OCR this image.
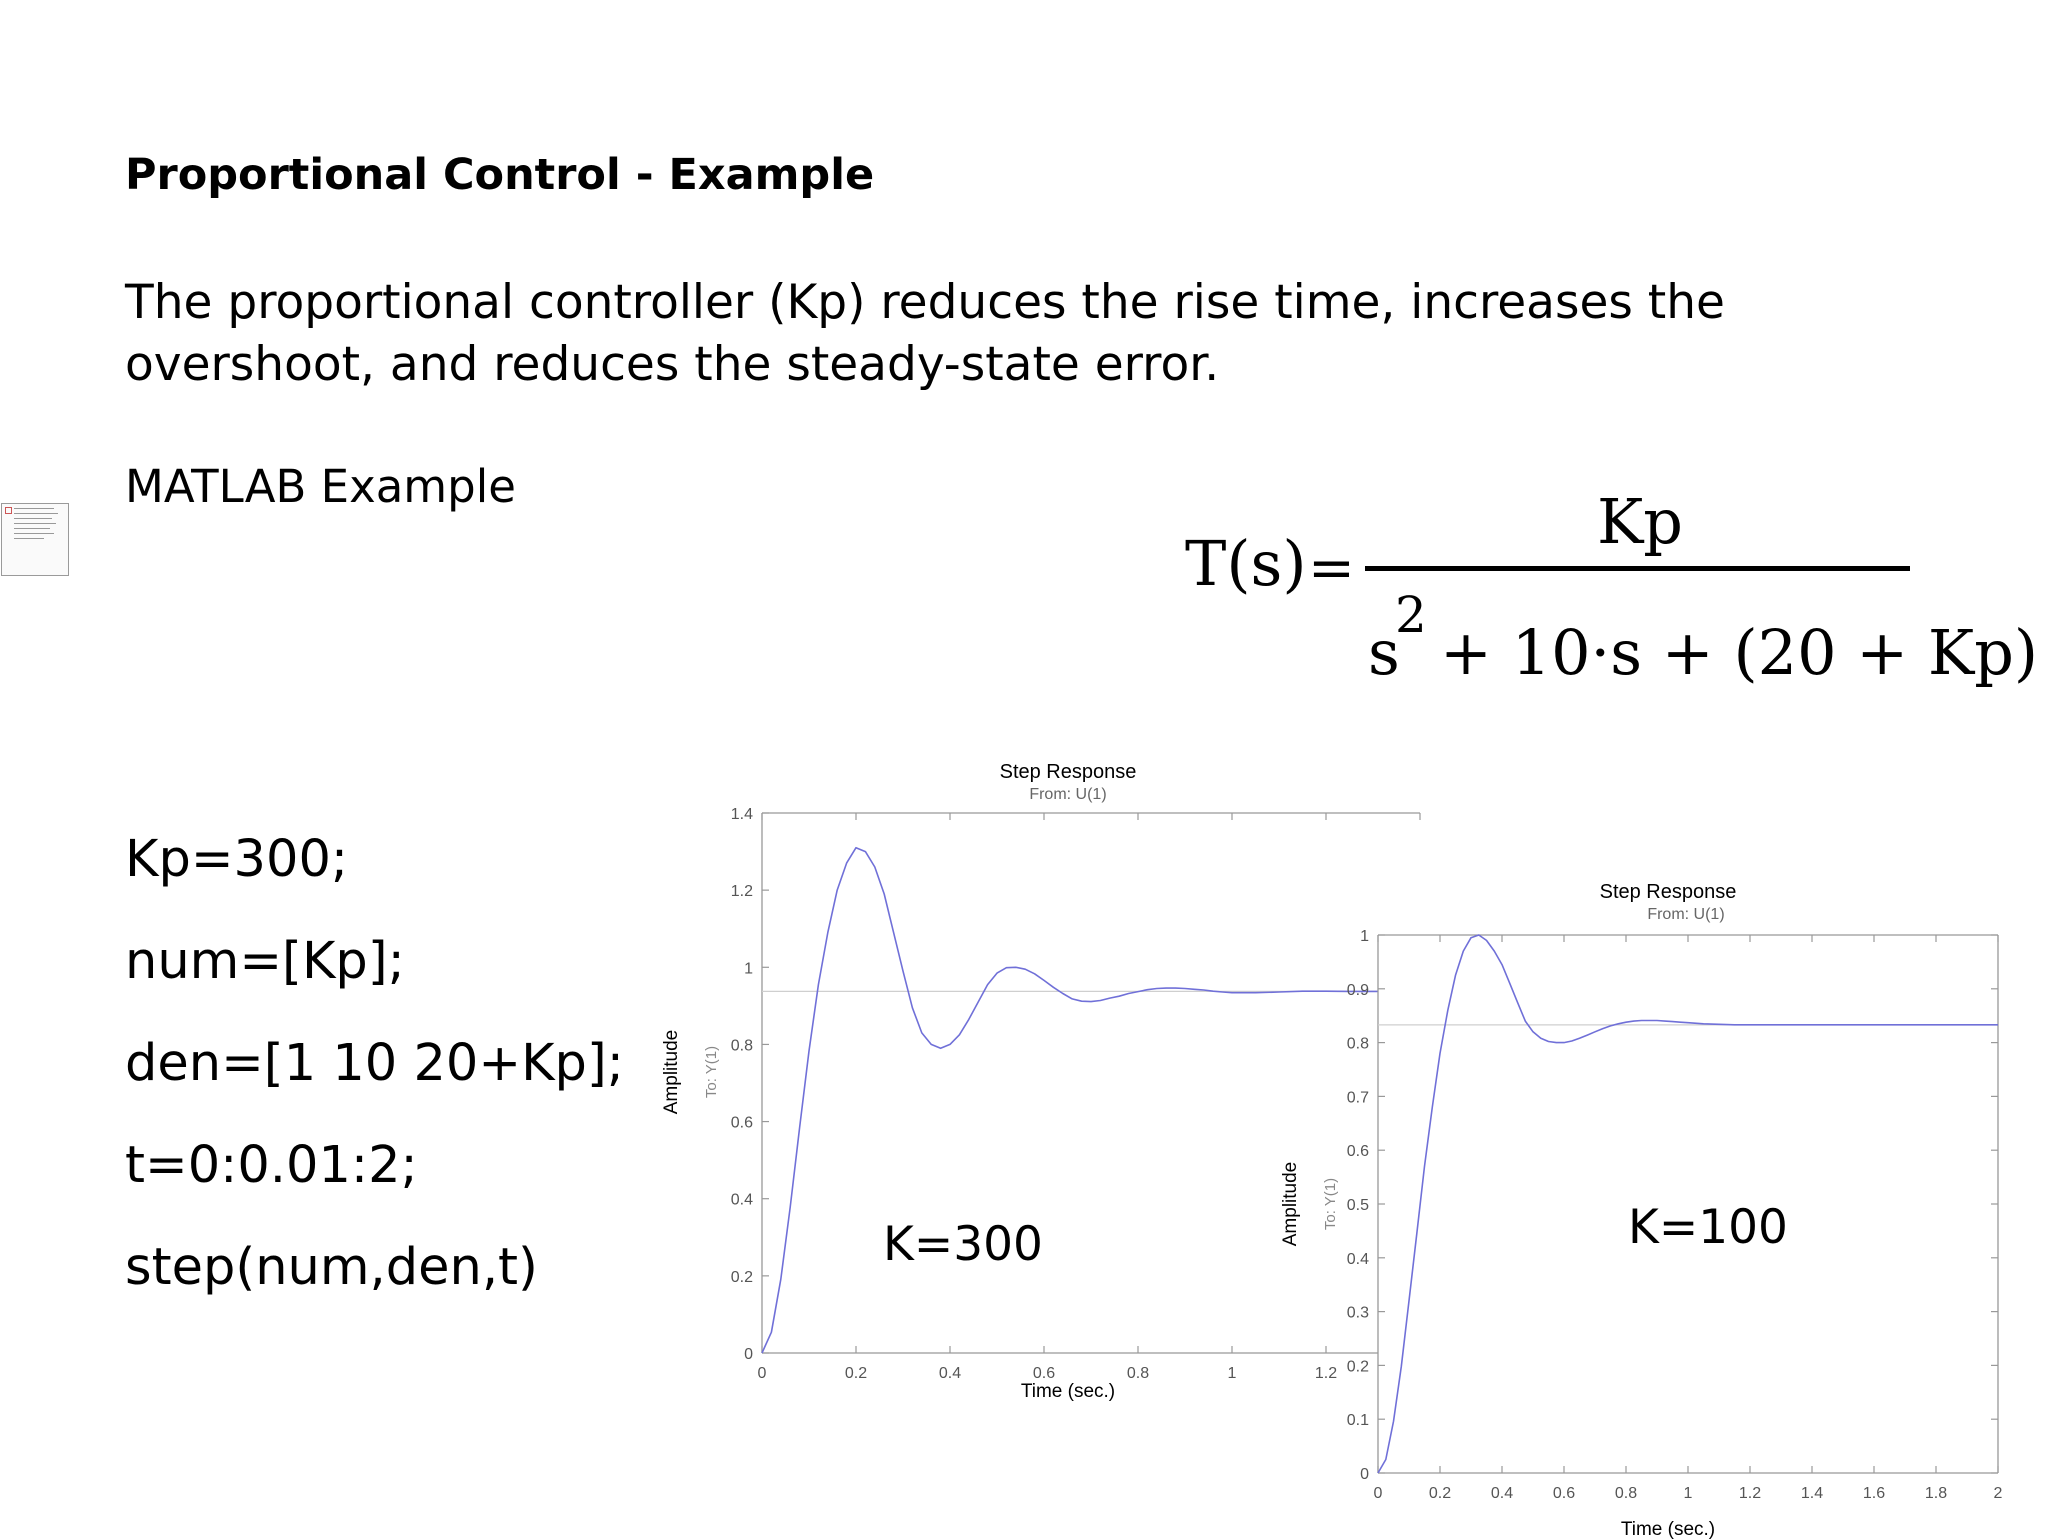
Proportional Control - Example
The proportional controller (Kp) reduces the rise time, increases the overshoot, and reduces the steady-state error.
MATLAB Example
Kp=300;
num=[Kp];
den=[1 10 20+Kp];
t=0:0.01:2;
step(num,den,t)
T(s) =
Kp
s
2
+ 10·s + (20 + Kp)
Step Response
From: U(1)
Time (sec.)
Amplitude To: Y(1)
0	0.2	0.4	0.6	0.8	1	1.2
0
0.2
0.4
0.6
0.8
1
1.2
1.4
Step Response
From: U(1)
Time (sec.)
Amplitude To: Y(1)
0	0.2 0.4 0.6 0.8	1	1.2 1.4 1.6 1.8	2
0
0.1
0.2
0.3
0.4
0.5
0.6
0.7
0.8
0.9
1
K=300	K=100
